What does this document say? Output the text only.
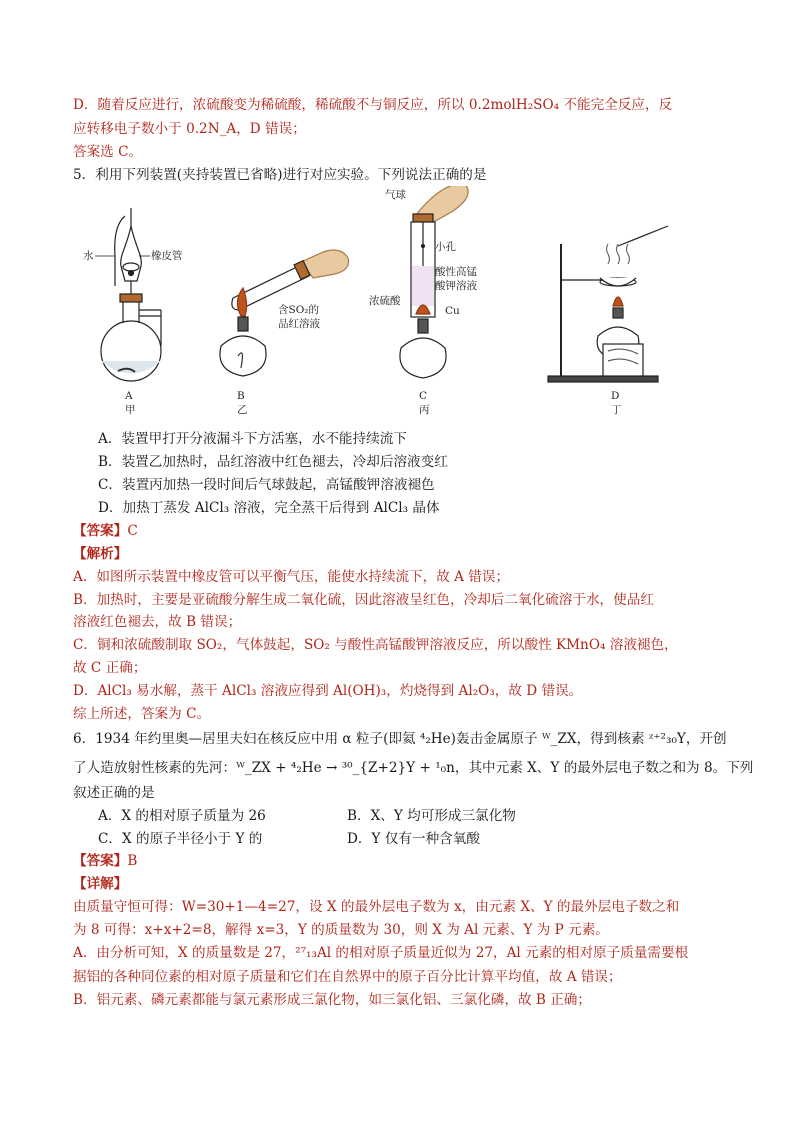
D．随着反应进行，浓硫酸变为稀硫酸，稀硫酸不与铜反应，所以 0.2molH₂SO₄ 不能完全反应，反
应转移电子数小于 0.2N_A，D 错误；
答案选 C。
5．利用下列装置(夹持装置已省略)进行对应实验。下列说法正确的是
水	橡皮管
A
甲
含SO₂的
品红溶液
B
乙
气球
小孔
酸性高锰
酸钾溶液
浓硫酸
Cu
C
丙
D
丁
A．装置甲打开分液漏斗下方活塞，水不能持续流下
B．装置乙加热时，品红溶液中红色褪去，冷却后溶液变红
C．装置丙加热一段时间后气球鼓起，高锰酸钾溶液褪色
D．加热丁蒸发 AlCl₃ 溶液，完全蒸干后得到 AlCl₃ 晶体
【答案】C
【解析】
A．如图所示装置中橡皮管可以平衡气压，能使水持续流下，故 A 错误；
B．加热时，主要是亚硫酸分解生成二氧化硫，因此溶液呈红色，冷却后二氧化硫溶于水，使品红
溶液红色褪去，故 B 错误；
C．铜和浓硫酸制取 SO₂，气体鼓起，SO₂ 与酸性高锰酸钾溶液反应，所以酸性 KMnO₄ 溶液褪色，
故 C 正确；
D．AlCl₃ 易水解，蒸干 AlCl₃ 溶液应得到 Al(OH)₃，灼烧得到 Al₂O₃，故 D 错误。
综上所述，答案为 C。
6．1934 年约里奥—居里夫妇在核反应中用 α 粒子(即氦 ⁴₂He)轰击金属原子 ᵂ_ZX，得到核素 ᶻ⁺²₃₀Y，开创
了人造放射性核素的先河：ᵂ_ZX + ⁴₂He → ³⁰_{Z+2}Y + ¹₀n，其中元素 X、Y 的最外层电子数之和为 8。下列
叙述正确的是
A．X 的相对原子质量为 26	B．X、Y 均可形成三氯化物
C．X 的原子半径小于 Y 的	D．Y 仅有一种含氧酸
【答案】B
【详解】
由质量守恒可得：W=30+1—4=27，设 X 的最外层电子数为 x，由元素 X、Y 的最外层电子数之和
为 8 可得：x+x+2=8，解得 x=3，Y 的质量数为 30，则 X 为 Al 元素、Y 为 P 元素。
A．由分析可知，X 的质量数是 27，²⁷₁₃Al 的相对原子质量近似为 27，Al 元素的相对原子质量需要根
据铝的各种同位素的相对原子质量和它们在自然界中的原子百分比计算平均值，故 A 错误；
B．铝元素、磷元素都能与氯元素形成三氯化物，如三氯化铝、三氯化磷，故 B 正确；
